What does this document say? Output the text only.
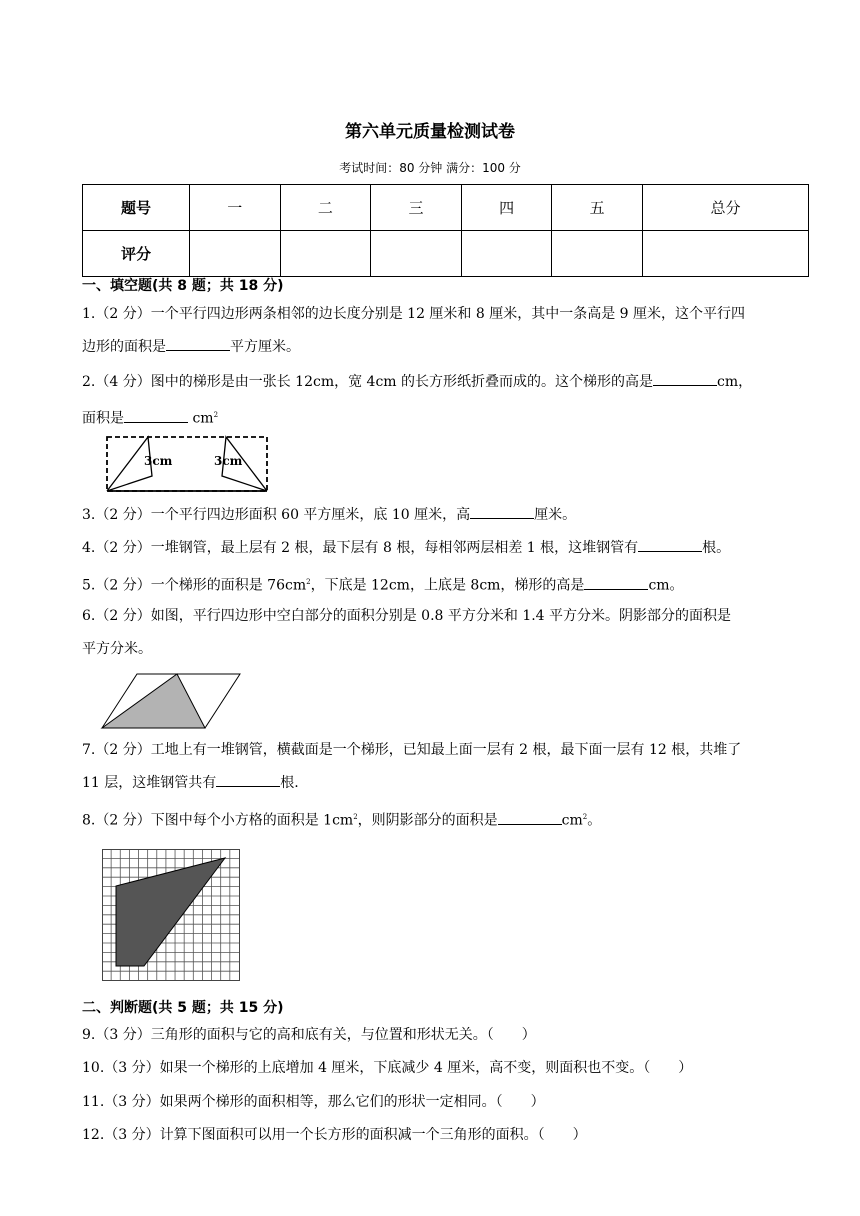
第六单元质量检测试卷
考试时间：80 分钟 满分：100 分
题号	一	二	三	四	五	总分
评分						
一、填空题(共 8 题；共 18 分)
1.（2 分）一个平行四边形两条相邻的边长度分别是 12 厘米和 8 厘米，其中一条高是 9 厘米，这个平行四
边形的面积是	平方厘米。
2.（4 分）图中的梯形是由一张长 12cm，宽 4cm 的长方形纸折叠而成的。这个梯形的高是	cm，
面积是	$cm^2$
3cm	3cm
3.（2 分）一个平行四边形面积 60 平方厘米，底 10 厘米，高	厘米。
4.（2 分）一堆钢管，最上层有 2 根，最下层有 8 根，每相邻两层相差 1 根，这堆钢管有	根。
5.（2 分）一个梯形的面积是 $76cm^2$，下底是 12cm，上底是 8cm，梯形的高是	cm。
6.（2 分）如图，平行四边形中空白部分的面积分别是 0.8 平方分米和 1.4 平方分米。阴影部分的面积是
平方分米。
7.（2 分）工地上有一堆钢管，横截面是一个梯形，已知最上面一层有 2 根，最下面一层有 12 根，共堆了
11 层，这堆钢管共有	根.
8.（2 分）下图中每个小方格的面积是 $1cm^2$，则阴影部分的面积是	$cm^2$。
二、判断题(共 5 题；共 15 分)
9.（3 分）三角形的面积与它的高和底有关，与位置和形状无关。（　　）
10.（3 分）如果一个梯形的上底增加 4 厘米，下底减少 4 厘米，高不变，则面积也不变。（　　）
11.（3 分）如果两个梯形的面积相等，那么它们的形状一定相同。（　　）
12.（3 分）计算下图面积可以用一个长方形的面积减一个三角形的面积。（　　）
